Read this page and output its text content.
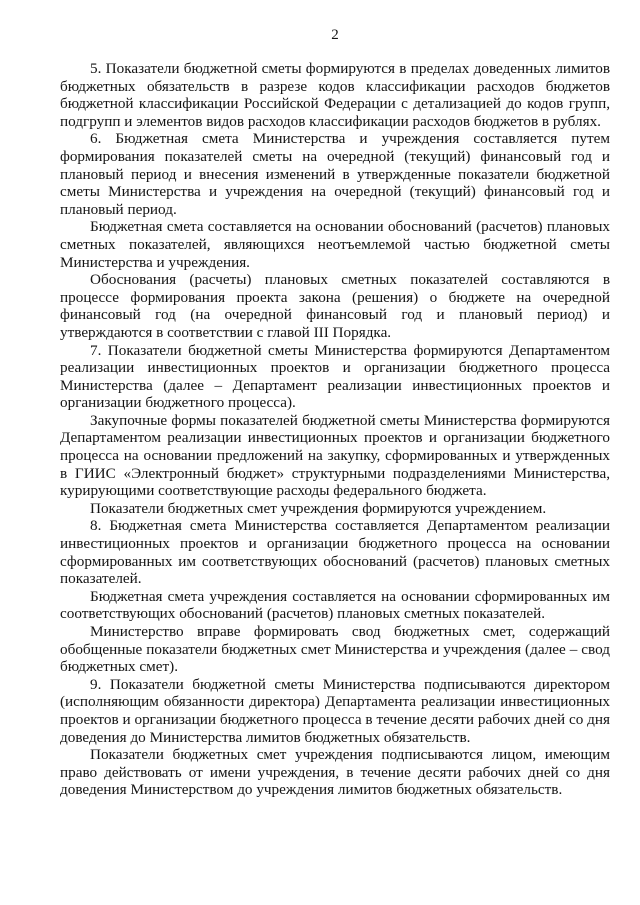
2

5. Показатели бюджетной сметы формируются в пределах доведенных лимитов бюджетных обязательств в разрезе кодов классификации расходов бюджетов бюджетной классификации Российской Федерации с детализацией до кодов групп, подгрупп и элементов видов расходов классификации расходов бюджетов в рублях.

6. Бюджетная смета Министерства и учреждения составляется путем формирования показателей сметы на очередной (текущий) финансовый год и плановый период и внесения изменений в утвержденные показатели бюджетной сметы Министерства и учреждения на очередной (текущий) финансовый год и плановый период.

Бюджетная смета составляется на основании обоснований (расчетов) плановых сметных показателей, являющихся неотъемлемой частью бюджетной сметы Министерства и учреждения.

Обоснования (расчеты) плановых сметных показателей составляются в процессе формирования проекта закона (решения) о бюджете на очередной финансовый год (на очередной финансовый год и плановый период) и утверждаются в соответствии с главой III Порядка.

7. Показатели бюджетной сметы Министерства формируются Департаментом реализации инвестиционных проектов и организации бюджетного процесса Министерства (далее – Департамент реализации инвестиционных проектов и организации бюджетного процесса).

Закупочные формы показателей бюджетной сметы Министерства формируются Департаментом реализации инвестиционных проектов и организации бюджетного процесса на основании предложений на закупку, сформированных и утвержденных в ГИИС «Электронный бюджет» структурными подразделениями Министерства, курирующими соответствующие расходы федерального бюджета.

Показатели бюджетных смет учреждения формируются учреждением.

8. Бюджетная смета Министерства составляется Департаментом реализации инвестиционных проектов и организации бюджетного процесса на основании сформированных им соответствующих обоснований (расчетов) плановых сметных показателей.

Бюджетная смета учреждения составляется на основании сформированных им соответствующих обоснований (расчетов) плановых сметных показателей.

Министерство вправе формировать свод бюджетных смет, содержащий обобщенные показатели бюджетных смет Министерства и учреждения (далее – свод бюджетных смет).

9. Показатели бюджетной сметы Министерства подписываются директором (исполняющим обязанности директора) Департамента реализации инвестиционных проектов и организации бюджетного процесса в течение десяти рабочих дней со дня доведения до Министерства лимитов бюджетных обязательств.

Показатели бюджетных смет учреждения подписываются лицом, имеющим право действовать от имени учреждения, в течение десяти рабочих дней со дня доведения Министерством до учреждения лимитов бюджетных обязательств.
